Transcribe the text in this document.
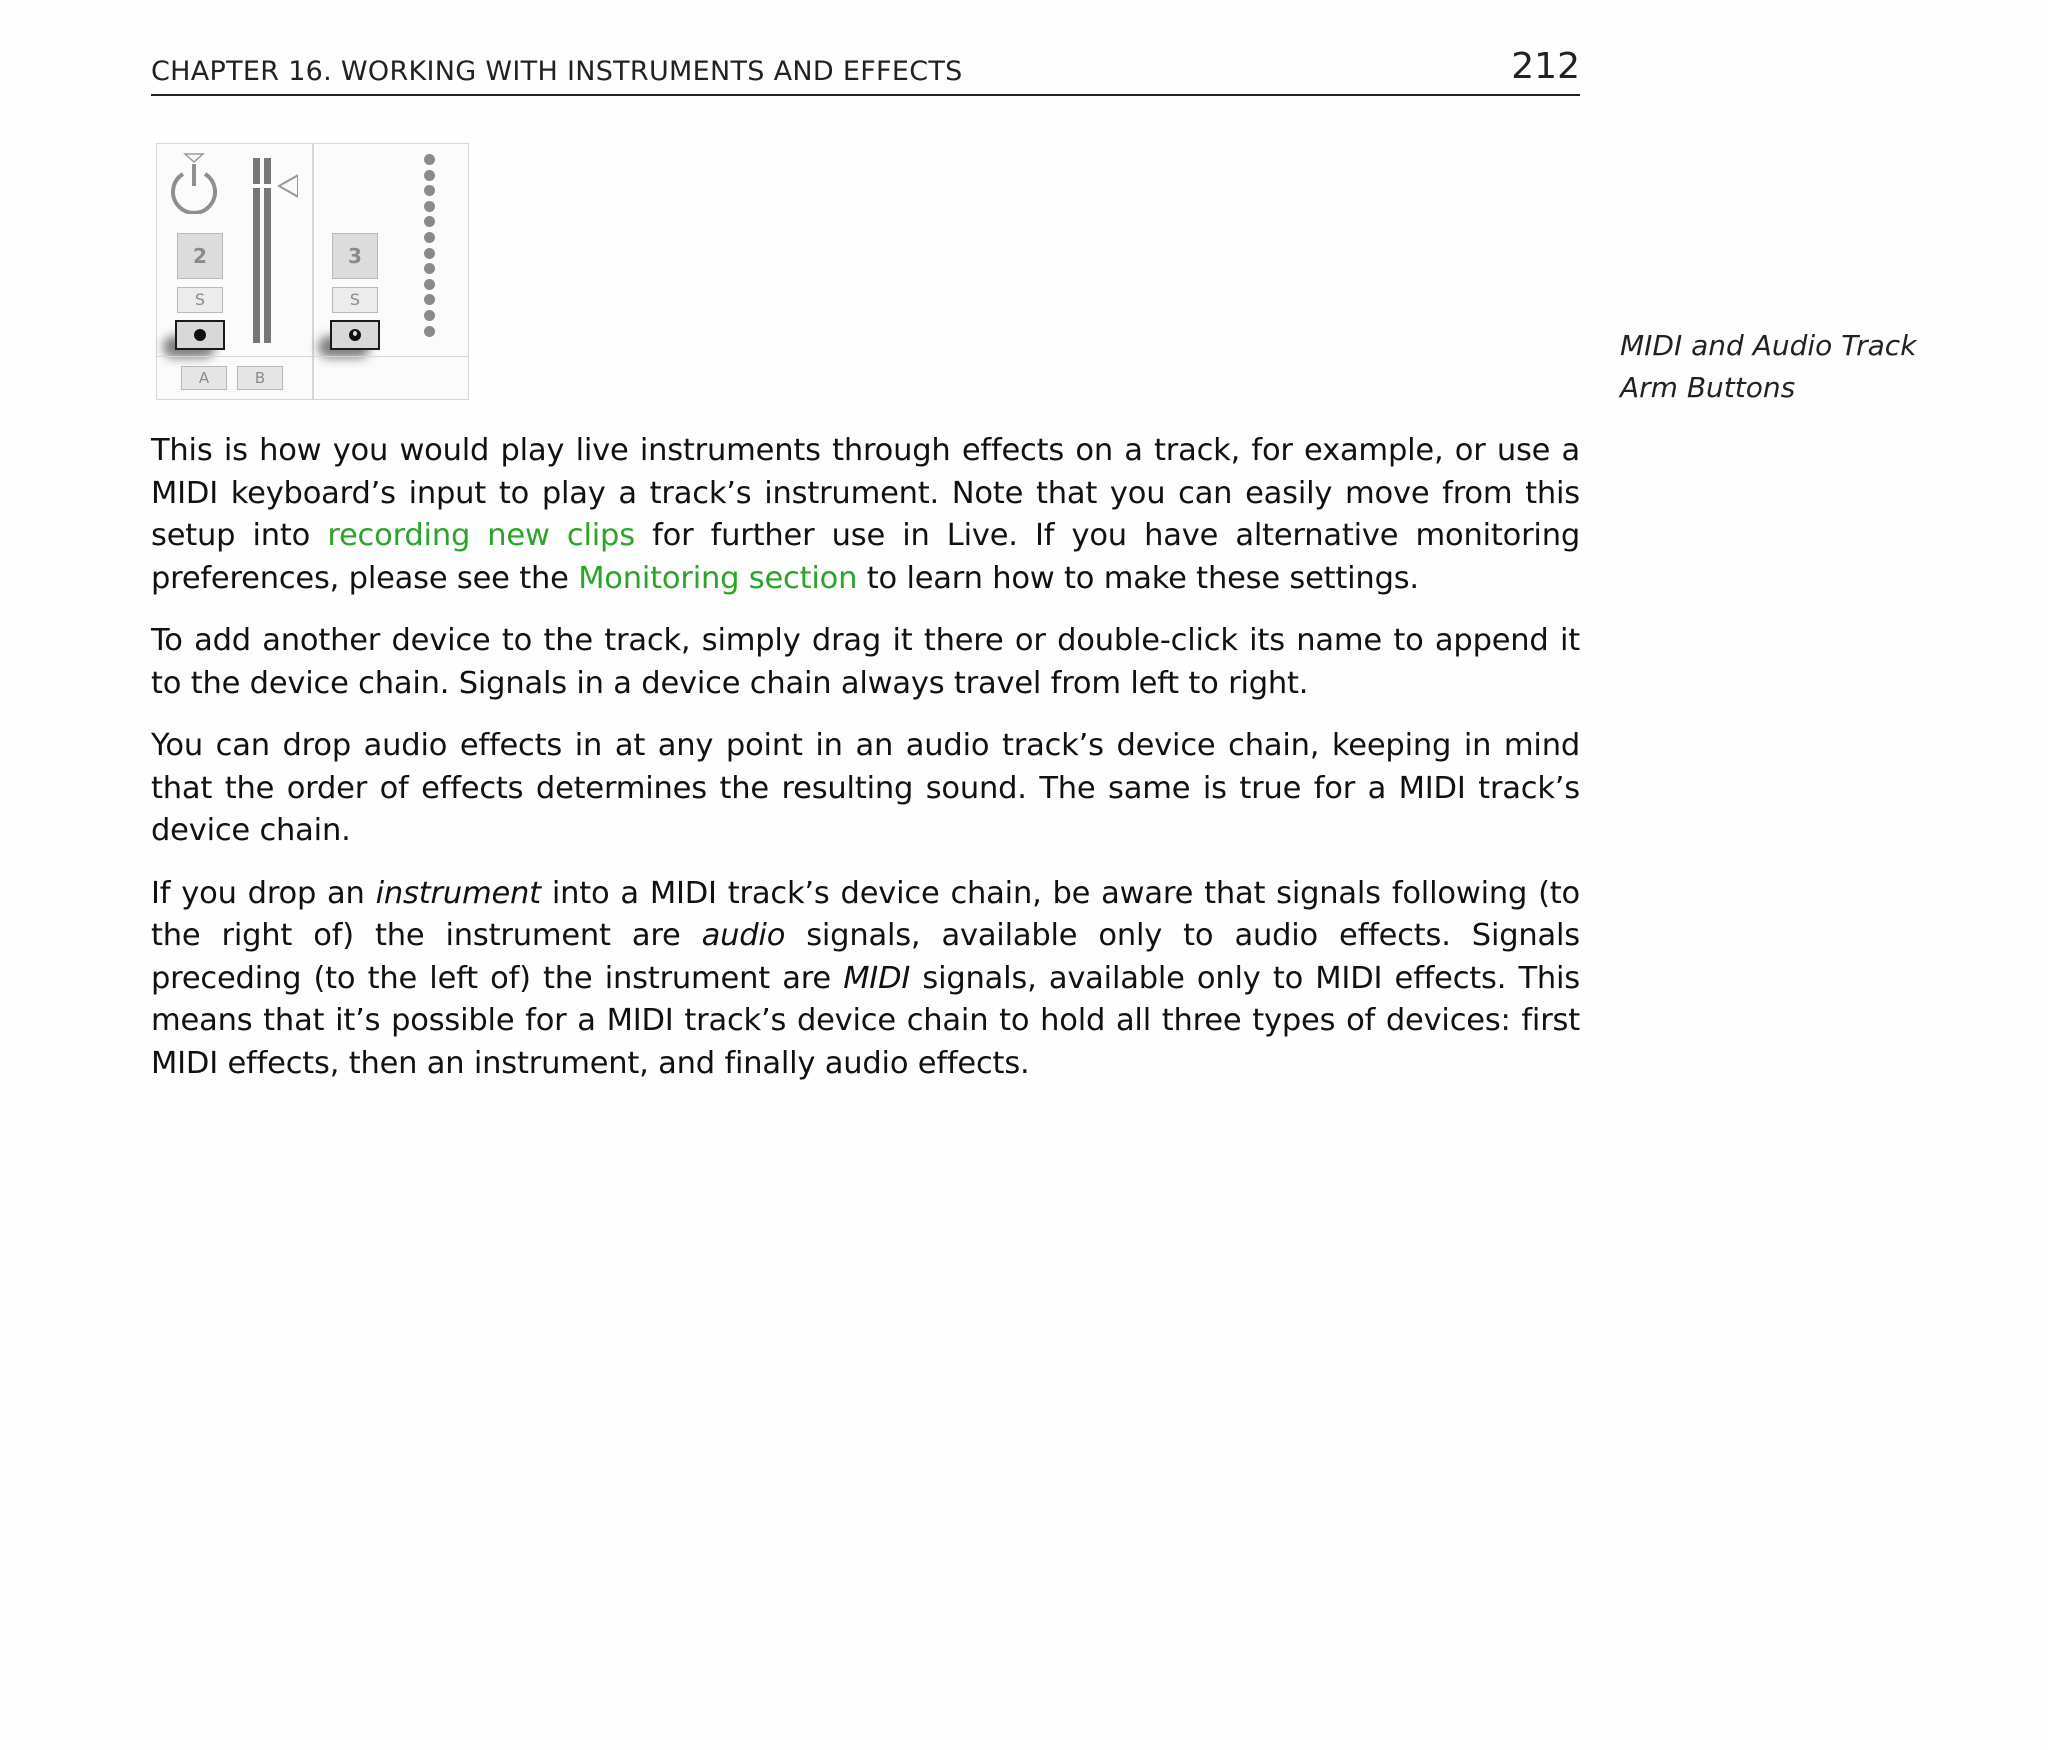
CHAPTER 16. WORKING WITH INSTRUMENTS AND EFFECTS	212
2
S
A	B
3
S
MIDI and Audio Track
Arm Buttons

This is how you would play live instruments through effects on a track, for example, or use a MIDI keyboard’s input to play a track’s instrument. Note that you can easily move from this setup into recording new clips for further use in Live. If you have alternative monitoring preferences, please see the Monitoring section to learn how to make these settings.

To add another device to the track, simply drag it there or double-click its name to append it to the device chain. Signals in a device chain always travel from left to right.

You can drop audio effects in at any point in an audio track’s device chain, keeping in mind that the order of effects determines the resulting sound. The same is true for a MIDI track’s device chain.

If you drop an instrument into a MIDI track’s device chain, be aware that signals following (to the right of) the instrument are audio signals, available only to audio effects. Signals preceding (to the left of) the instrument are MIDI signals, available only to MIDI effects. This means that it’s possible for a MIDI track’s device chain to hold all three types of devices: first MIDI effects, then an instrument, and finally audio effects.
